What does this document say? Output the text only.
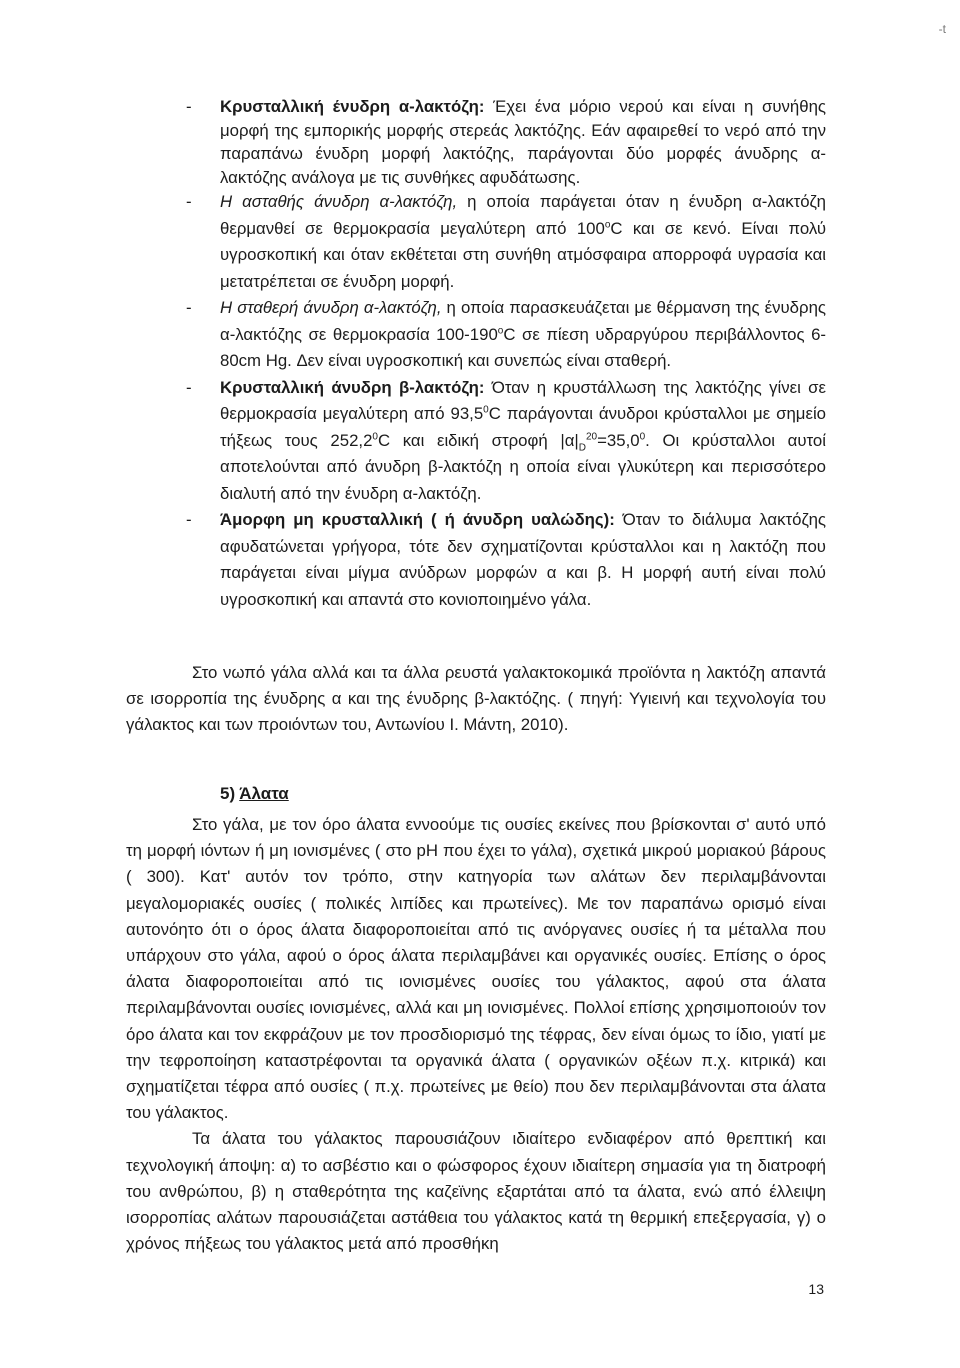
-t
- Κρυσταλλική ένυδρη α-λακτόζη: Έχει ένα μόριο νερού και είναι η συνήθης μορφή της εμπορικής μορφής στερεάς λακτόζης. Εάν αφαιρεθεί το νερό από την παραπάνω ένυδρη μορφή λακτόζης, παράγονται δύο μορφές άνυδρης α-λακτόζης ανάλογα με τις συνθήκες αφυδάτωσης.
- Η ασταθής άνυδρη α-λακτόζη, η οποία παράγεται όταν η ένυδρη α-λακτόζη θερμανθεί σε θερμοκρασία μεγαλύτερη από 100$^o$C και σε κενό. Είναι πολύ υγροσκοπική και όταν εκθέτεται στη συνήθη ατμόσφαιρα απορροφά υγρασία και μετατρέπεται σε ένυδρη μορφή.
- Η σταθερή άνυδρη α-λακτόζη, η οποία παρασκευάζεται με θέρμανση της ένυδρης α-λακτόζης σε θερμοκρασία 100-190$^o$C σε πίεση υδραργύρου περιβάλλοντος 6-80cm Hg. Δεν είναι υγροσκοπική και συνεπώς είναι σταθερή.
- Κρυσταλλική άνυδρη β-λακτόζη: Όταν η κρυστάλλωση της λακτόζης γίνει σε θερμοκρασία μεγαλύτερη από 93,5$^0$C παράγονται άνυδροι κρύσταλλοι με σημείο τήξεως τους 252,2$^0$C και ειδική στροφή $|\alpha|_D^{20}=35,0^0$. Οι κρύσταλλοι αυτοί αποτελούνται από άνυδρη β-λακτόζη η οποία είναι γλυκύτερη και περισσότερο διαλυτή από την ένυδρη α-λακτόζη.
- Άμορφη μη κρυσταλλική ( ή άνυδρη υαλώδης): Όταν το διάλυμα λακτόζης αφυδατώνεται γρήγορα, τότε δεν σχηματίζονται κρύσταλλοι και η λακτόζη που παράγεται είναι μίγμα ανύδρων μορφών α και β. Η μορφή αυτή είναι πολύ υγροσκοπική και απαντά στο κονιοποιημένο γάλα.

Στο νωπό γάλα αλλά και τα άλλα ρευστά γαλακτοκομικά προϊόντα η λακτόζη απαντά σε ισορροπία της ένυδρης α και της ένυδρης β-λακτόζης. ( πηγή: Υγιεινή και τεχνολογία του γάλακτος και των προιόντων του, Αντωνίου Ι. Μάντη, 2010).

5) Άλατα

Στο γάλα, με τον όρο άλατα εννοούμε τις ουσίες εκείνες που βρίσκονται σ' αυτό υπό τη μορφή ιόντων ή μη ιονισμένες ( στο pH που έχει το γάλα), σχετικά μικρού μοριακού βάρους ( 300). Κατ' αυτόν τον τρόπο, στην κατηγορία των αλάτων δεν περιλαμβάνονται μεγαλομοριακές ουσίες ( πολικές λιπίδες και πρωτείνες). Με τον παραπάνω ορισμό είναι αυτονόητο ότι ο όρος άλατα διαφοροποιείται από τις ανόργανες ουσίες ή τα μέταλλα που υπάρχουν στο γάλα, αφού ο όρος άλατα περιλαμβάνει και οργανικές ουσίες. Επίσης ο όρος άλατα διαφοροποιείται από τις ιονισμένες ουσίες του γάλακτος, αφού στα άλατα περιλαμβάνονται ουσίες ιονισμένες, αλλά και μη ιονισμένες. Πολλοί επίσης χρησιμοποιούν τον όρο άλατα και τον εκφράζουν με τον προσδιορισμό της τέφρας, δεν είναι όμως το ίδιο, γιατί με την τεφροποίηση καταστρέφονται τα οργανικά άλατα ( οργανικών οξέων π.χ. κιτρικά) και σχηματίζεται τέφρα από ουσίες ( π.χ. πρωτείνες με θείο) που δεν περιλαμβάνονται στα άλατα του γάλακτος.

Τα άλατα του γάλακτος παρουσιάζουν ιδιαίτερο ενδιαφέρον από θρεπτική και τεχνολογική άποψη: α) το ασβέστιο και ο φώσφορος έχουν ιδιαίτερη σημασία για τη διατροφή του ανθρώπου, β) η σταθερότητα της καζεϊνης εξαρτάται από τα άλατα, ενώ από έλλειψη ισορροπίας αλάτων παρουσιάζεται αστάθεια του γάλακτος κατά τη θερμική επεξεργασία, γ) ο χρόνος πήξεως του γάλακτος μετά από προσθήκη

13
